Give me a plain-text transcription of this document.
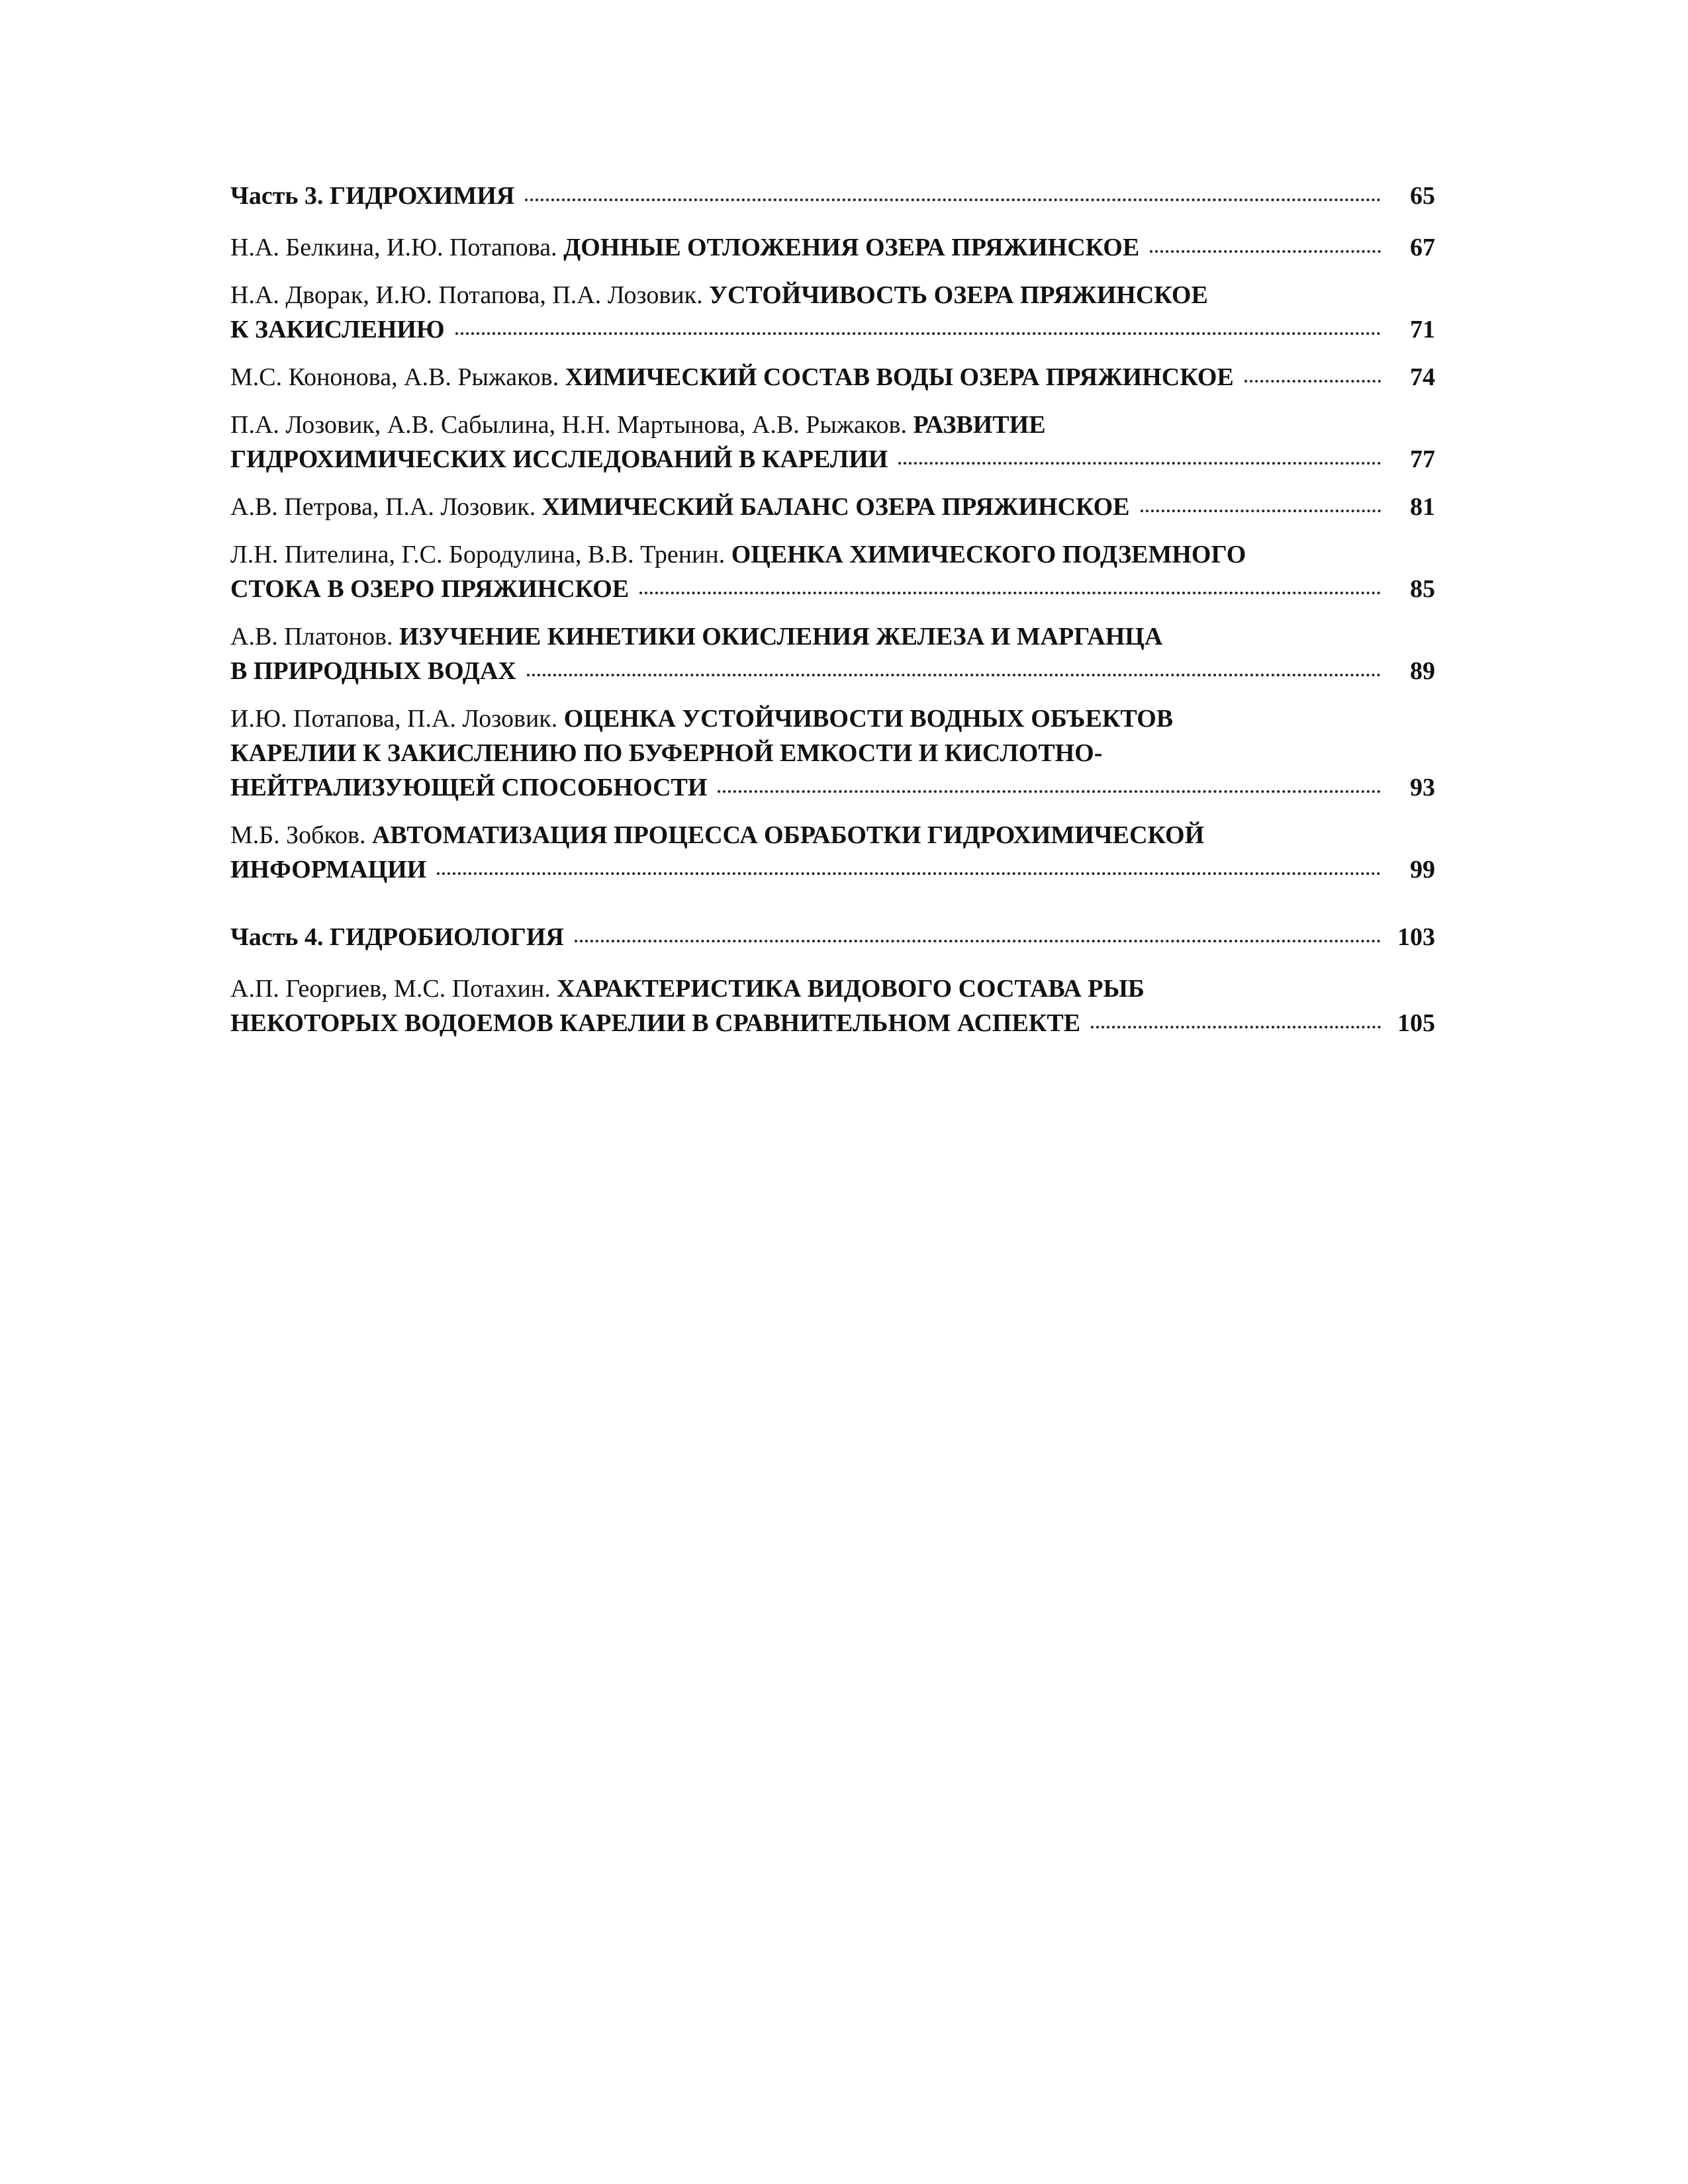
Часть 3. ГИДРОХИМИЯ	65
Н.А. Белкина, И.Ю. Потапова. ДОННЫЕ ОТЛОЖЕНИЯ ОЗЕРА ПРЯЖИНСКОЕ	67
Н.А. Дворак, И.Ю. Потапова, П.А. Лозовик. УСТОЙЧИВОСТЬ ОЗЕРА ПРЯЖИНСКОЕ
К ЗАКИСЛЕНИЮ	71
М.С. Кононова, А.В. Рыжаков. ХИМИЧЕСКИЙ СОСТАВ ВОДЫ ОЗЕРА ПРЯЖИНСКОЕ	74
П.А. Лозовик, А.В. Сабылина, Н.Н. Мартынова, А.В. Рыжаков. РАЗВИТИЕ
ГИДРОХИМИЧЕСКИХ ИССЛЕДОВАНИЙ В КАРЕЛИИ	77
А.В. Петрова, П.А. Лозовик. ХИМИЧЕСКИЙ БАЛАНС ОЗЕРА ПРЯЖИНСКОЕ	81
Л.Н. Пителина, Г.С. Бородулина, В.В. Тренин. ОЦЕНКА ХИМИЧЕСКОГО ПОДЗЕМНОГО
СТОКА В ОЗЕРО ПРЯЖИНСКОЕ	85
А.В. Платонов. ИЗУЧЕНИЕ КИНЕТИКИ ОКИСЛЕНИЯ ЖЕЛЕЗА И МАРГАНЦА
В ПРИРОДНЫХ ВОДАХ	89
И.Ю. Потапова, П.А. Лозовик. ОЦЕНКА УСТОЙЧИВОСТИ ВОДНЫХ ОБЪЕКТОВ
КАРЕЛИИ К ЗАКИСЛЕНИЮ ПО БУФЕРНОЙ ЕМКОСТИ И КИСЛОТНО-
НЕЙТРАЛИЗУЮЩЕЙ СПОСОБНОСТИ	93
М.Б. Зобков. АВТОМАТИЗАЦИЯ ПРОЦЕССА ОБРАБОТКИ ГИДРОХИМИЧЕСКОЙ
ИНФОРМАЦИИ	99
Часть 4. ГИДРОБИОЛОГИЯ	103
А.П. Георгиев, М.С. Потахин. ХАРАКТЕРИСТИКА ВИДОВОГО СОСТАВА РЫБ
НЕКОТОРЫХ ВОДОЕМОВ КАРЕЛИИ В СРАВНИТЕЛЬНОМ АСПЕКТЕ	105
